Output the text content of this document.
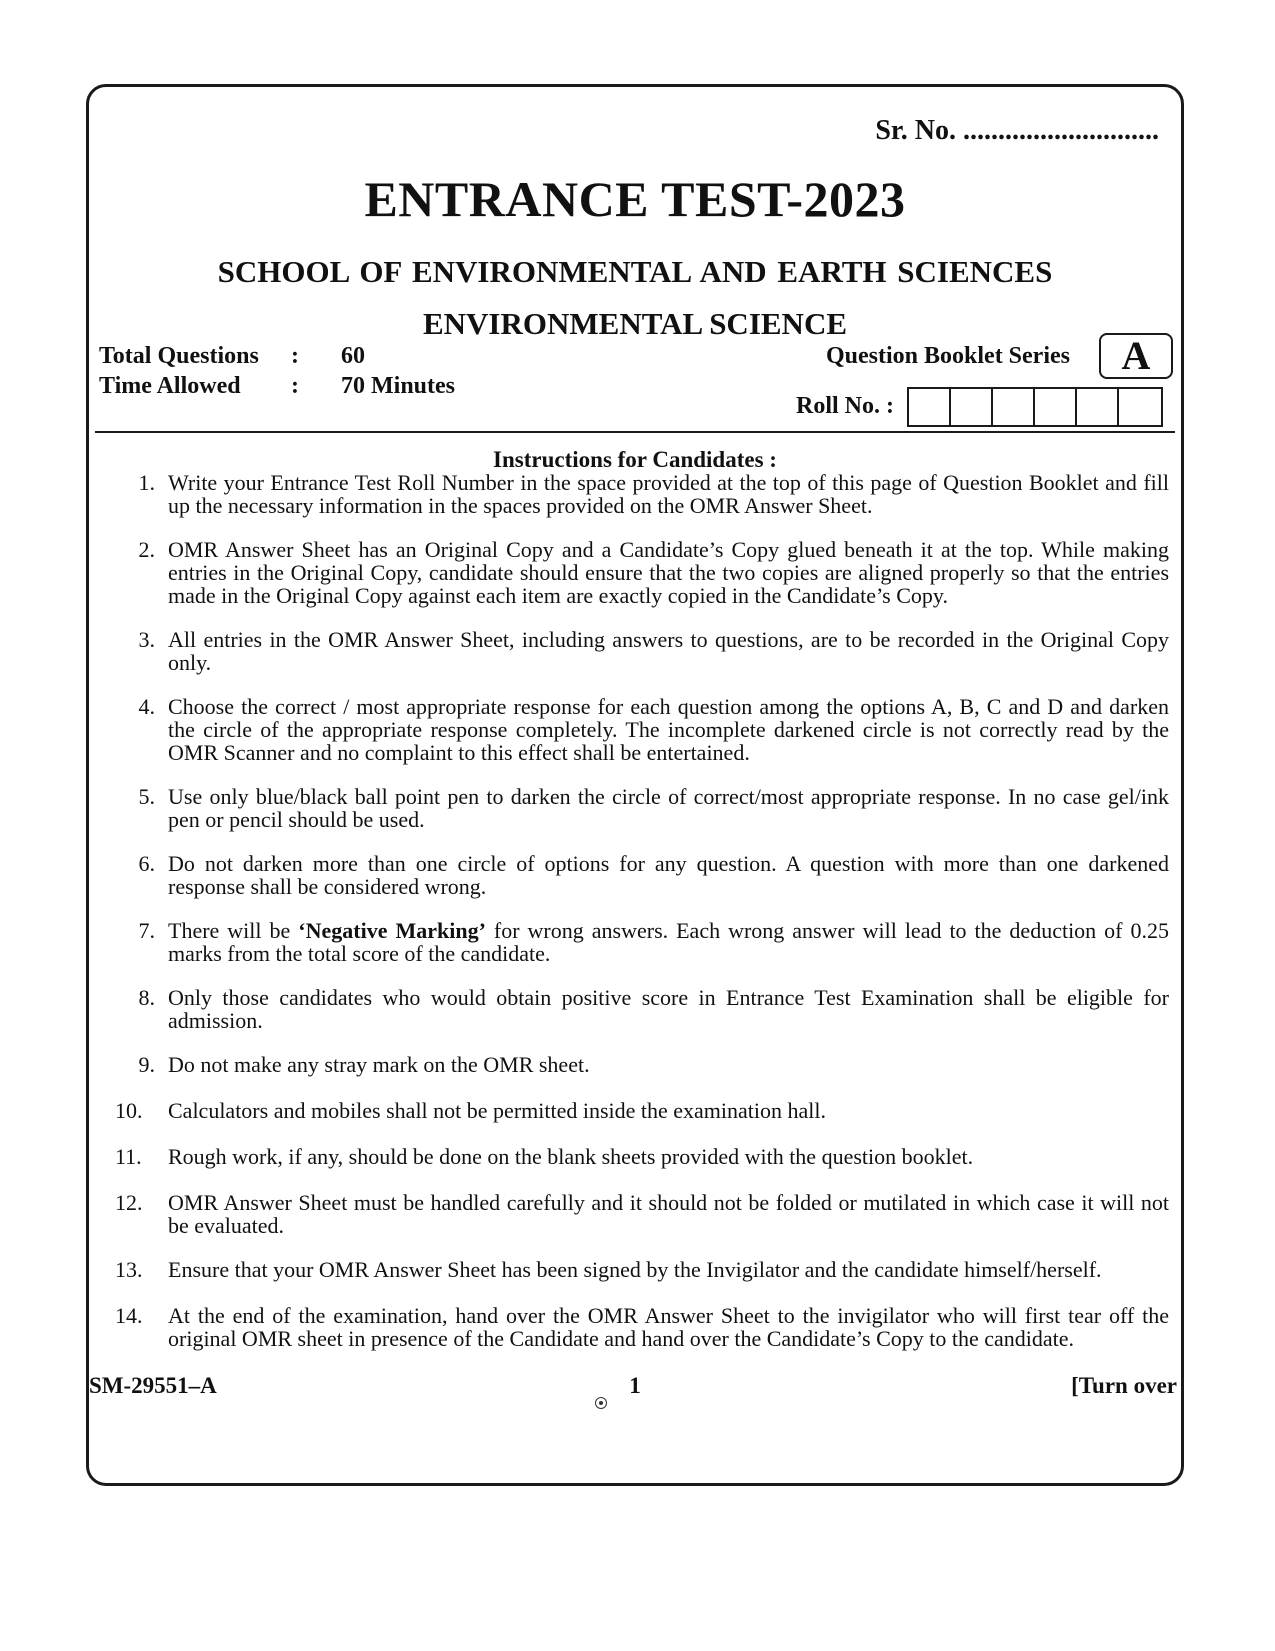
Sr. No. ............................
ENTRANCE TEST-2023
SCHOOL OF ENVIRONMENTAL AND EARTH SCIENCES
ENVIRONMENTAL SCIENCE
Question Booklet Series	A
Total Questions : 60
Time Allowed : 70 Minutes
Roll No. :
Instructions for Candidates :
1. Write your Entrance Test Roll Number in the space provided at the top of this page of Question Booklet and fill up the necessary information in the spaces provided on the OMR Answer Sheet.
2. OMR Answer Sheet has an Original Copy and a Candidate’s Copy glued beneath it at the top. While making entries in the Original Copy, candidate should ensure that the two copies are aligned properly so that the entries made in the Original Copy against each item are exactly copied in the Candidate’s Copy.
3. All entries in the OMR Answer Sheet, including answers to questions, are to be recorded in the Original Copy only.
4. Choose the correct / most appropriate response for each question among the options A, B, C and D and darken the circle of the appropriate response completely. The incomplete darkened circle is not correctly read by the OMR Scanner and no complaint to this effect shall be entertained.
5. Use only blue/black ball point pen to darken the circle of correct/most appropriate response. In no case gel/ink pen or pencil should be used.
6. Do not darken more than one circle of options for any question. A question with more than one darkened response shall be considered wrong.
7. There will be ‘Negative Marking’ for wrong answers. Each wrong answer will lead to the deduction of 0.25 marks from the total score of the candidate.
8. Only those candidates who would obtain positive score in Entrance Test Examination shall be eligible for admission.
9. Do not make any stray mark on the OMR sheet.
10.	Calculators and mobiles shall not be permitted inside the examination hall.
11.	Rough work, if any, should be done on the blank sheets provided with the question booklet.
12.	OMR Answer Sheet must be handled carefully and it should not be folded or mutilated in which case it will not be evaluated.
13.	Ensure that your OMR Answer Sheet has been signed by the Invigilator and the candidate himself/herself.
14.	At the end of the examination, hand over the OMR Answer Sheet to the invigilator who will first tear off the original OMR sheet in presence of the Candidate and hand over the Candidate’s Copy to the candidate.
SM-29551–A	1	[Turn over
